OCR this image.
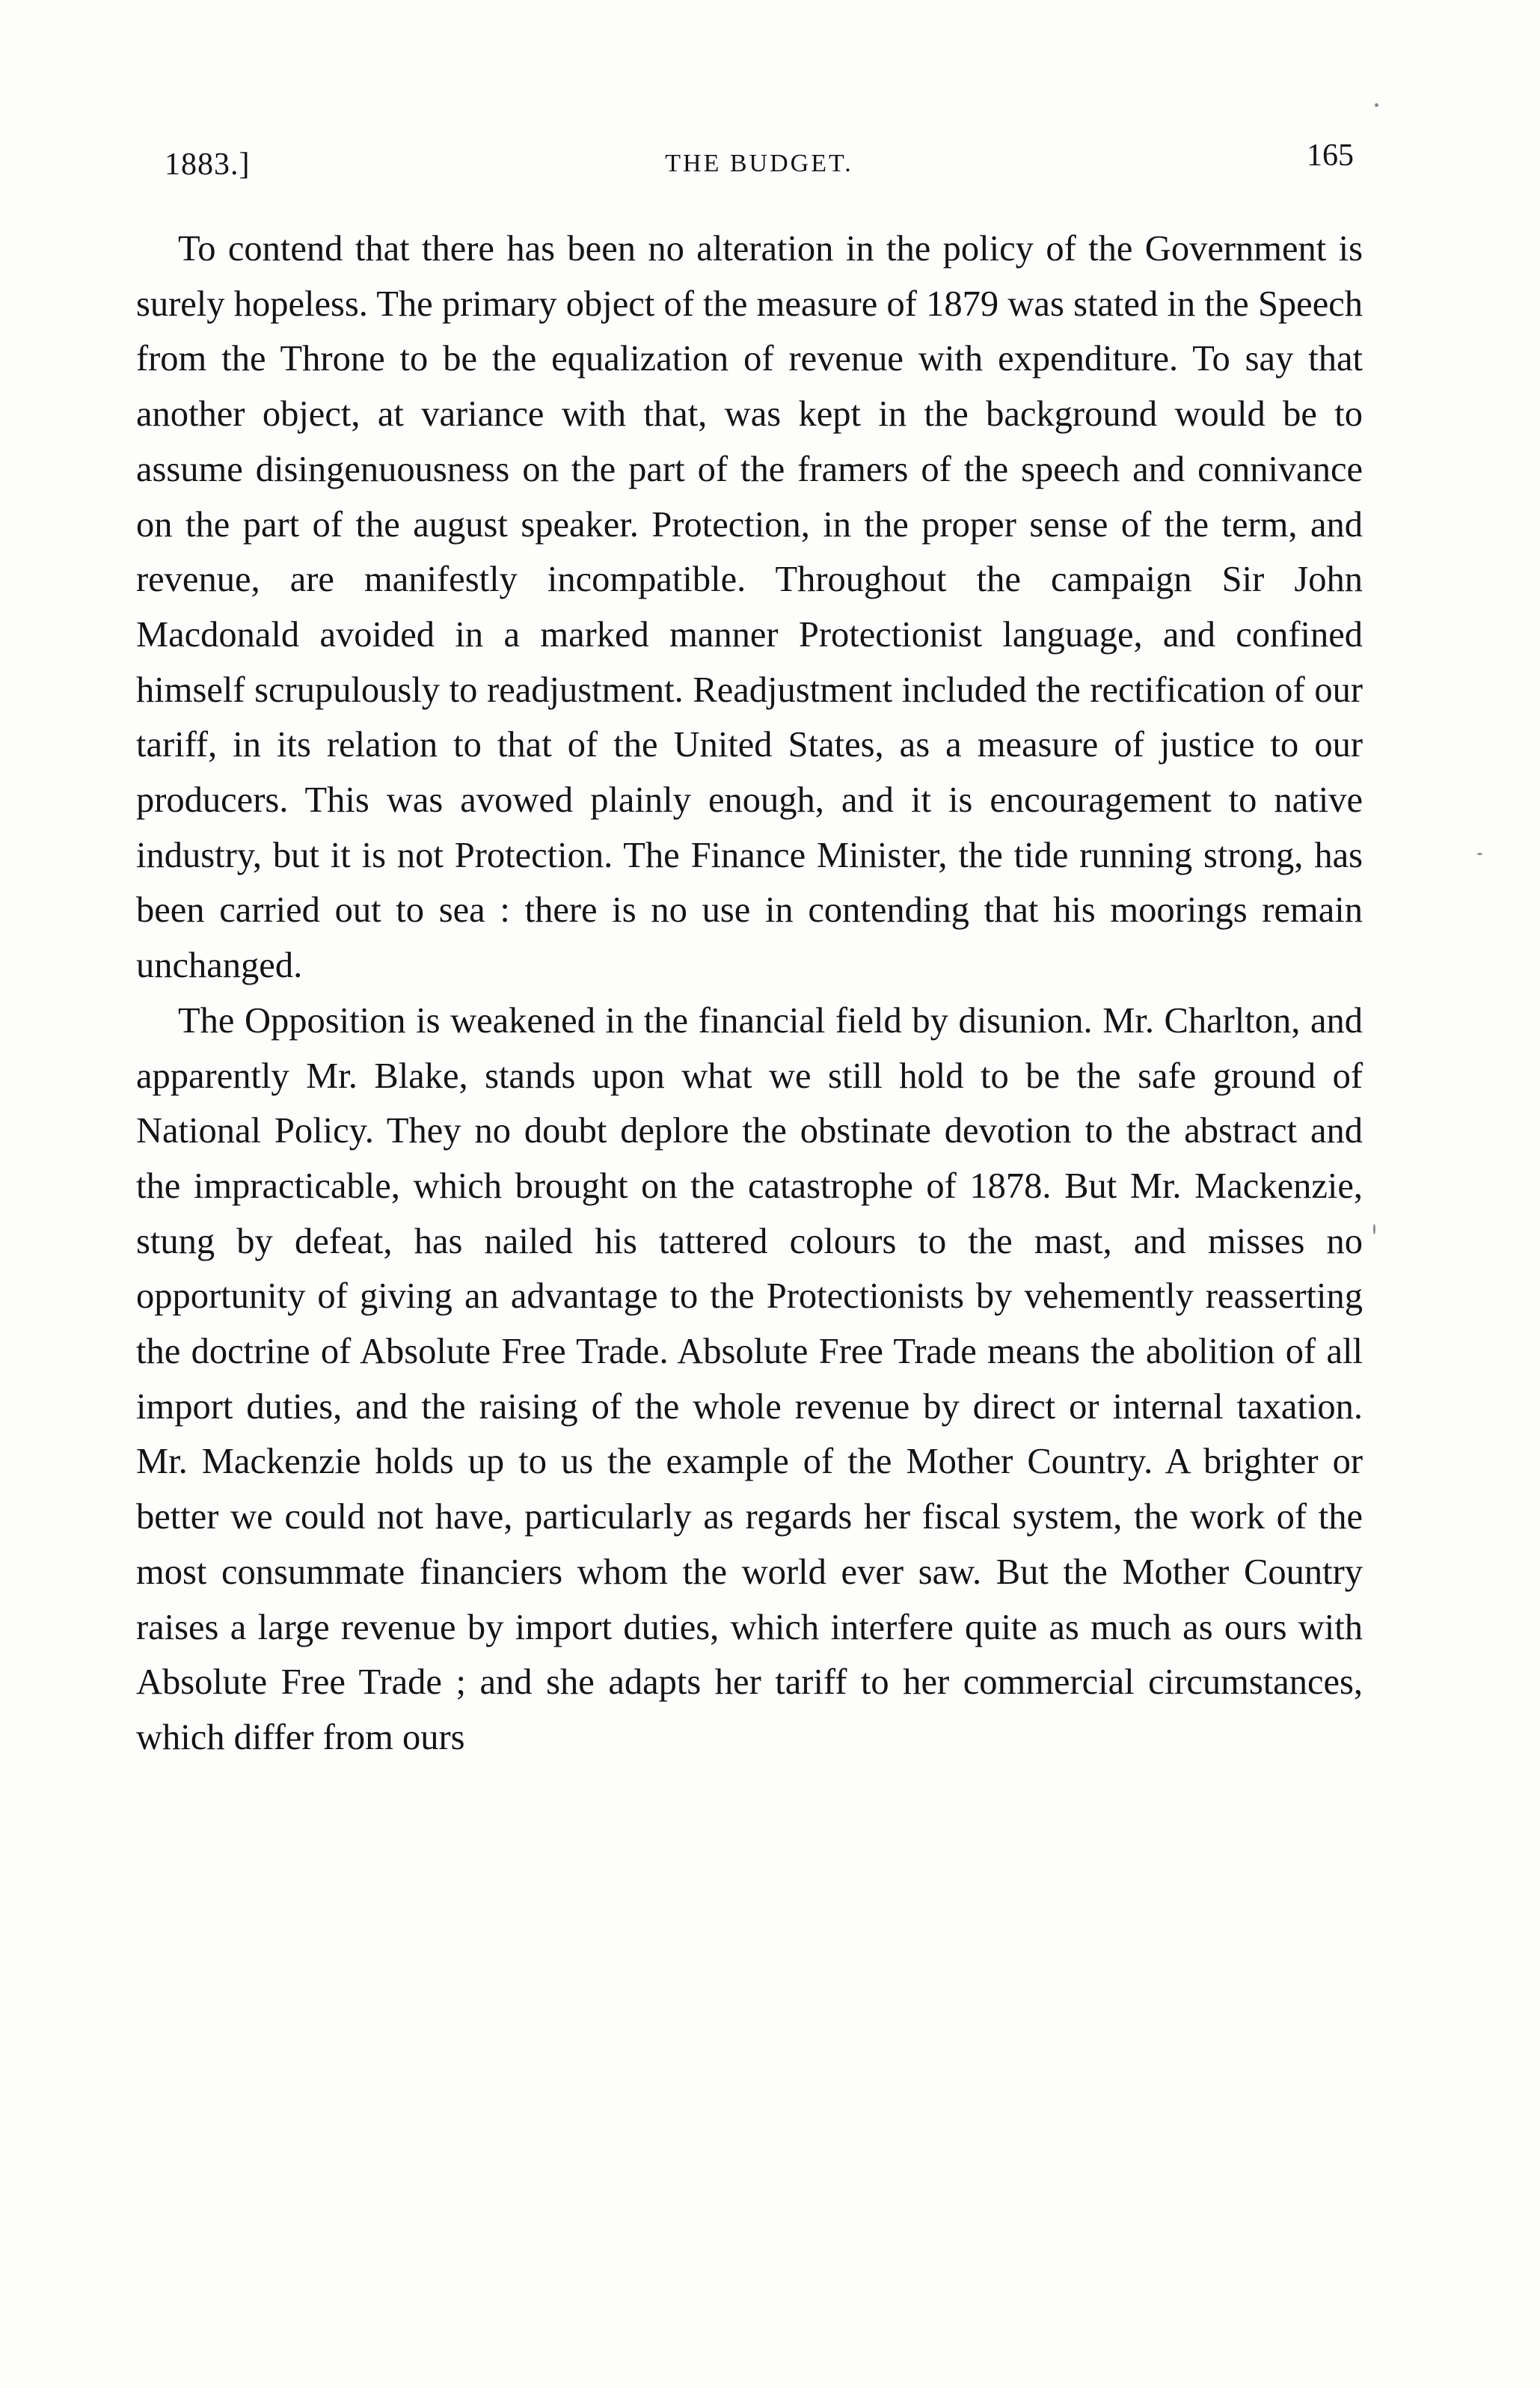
1883.]	THE BUDGET.	165

To contend that there has been no alteration in the policy of the Government is surely hopeless. The primary object of the measure of 1879 was stated in the Speech from the Throne to be the equalization of revenue with expenditure. To say that another object, at variance with that, was kept in the background would be to assume disingenuousness on the part of the framers of the speech and connivance on the part of the august speaker. Protection, in the proper sense of the term, and revenue, are manifestly incompatible. Throughout the campaign Sir John Macdonald avoided in a marked manner Protectionist language, and confined himself scrupulously to readjustment. Readjustment included the rectification of our tariff, in its relation to that of the United States, as a measure of justice to our producers. This was avowed plainly enough, and it is encouragement to native industry, but it is not Protection. The Finance Minister, the tide running strong, has been carried out to sea : there is no use in contending that his moorings remain unchanged.

The Opposition is weakened in the financial field by disunion. Mr. Charlton, and apparently Mr. Blake, stands upon what we still hold to be the safe ground of National Policy. They no doubt deplore the obstinate devotion to the abstract and the impracticable, which brought on the catastrophe of 1878. But Mr. Mackenzie, stung by defeat, has nailed his tattered colours to the mast, and misses no opportunity of giving an advantage to the Protectionists by vehemently reasserting the doctrine of Absolute Free Trade. Absolute Free Trade means the abolition of all import duties, and the raising of the whole revenue by direct or internal taxation. Mr. Mackenzie holds up to us the example of the Mother Country. A brighter or better we could not have, particularly as regards her fiscal system, the work of the most consummate financiers whom the world ever saw. But the Mother Country raises a large revenue by import duties, which interfere quite as much as ours with Absolute Free Trade ; and she adapts her tariff to her commercial circumstances, which differ from ours
